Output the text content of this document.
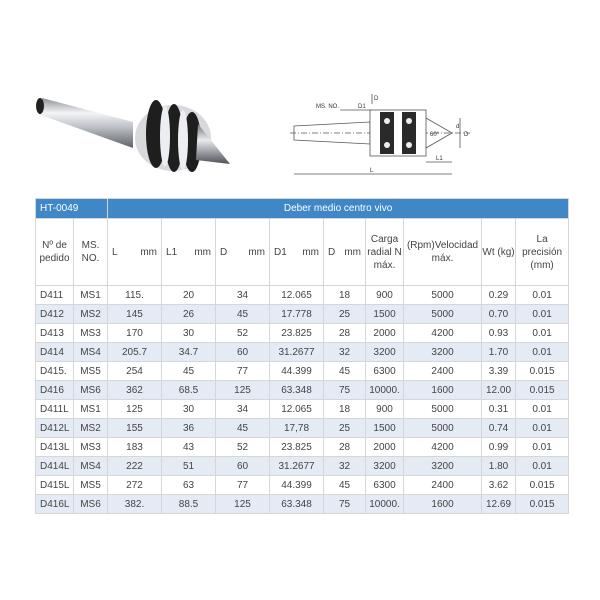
MS. NO.	D1
D
L1
L
60°
d
D
HT-0049		Deber medio centro vivo								
Nº de pedido	MS. NO.	L mm	L1 mm	D mm	D1 mm	D mm	Carga radial N máx.	(Rpm)Velocidad máx.	Wt (kg)	La precisión (mm)
D411	MS1	115.	20	34	12.065	18	900	5000	0.29	0.01
D412	MS2	145	26	45	17.778	25	1500	5000	0.70	0.01
D413	MS3	170	30	52	23.825	28	2000	4200	0.93	0.01
D414	MS4	205.7	34.7	60	31.2677	32	3200	3200	1.70	0.01
D415.	MS5	254	45	77	44.399	45	6300	2400	3.39	0.015
D416	MS6	362	68.5	125	63.348	75	10000.	1600	12.00	0.015
D411L	MS1	125	30	34	12.065	18	900	5000	0.31	0.01
D412L	MS2	155	36	45	17,78	25	1500	5000	0.74	0.01
D413L	MS3	183	43	52	23.825	28	2000	4200	0.99	0.01
D414L	MS4	222	51	60	31.2677	32	3200	3200	1.80	0.01
D415L	MS5	272	63	77	44.399	45	6300	2400	3.62	0.015
D416L	MS6	382.	88.5	125	63.348	75	10000.	1600	12.69	0.015
